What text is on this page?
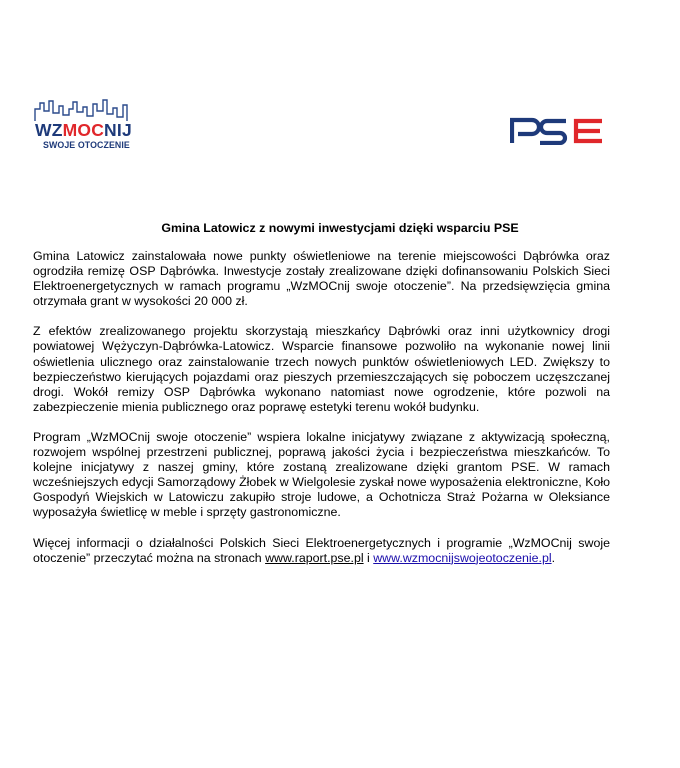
WZMOCNIJ
SWOJE OTOCZENIE
Gmina Latowicz z nowymi inwestycjami dzięki wsparciu PSE

Gmina Latowicz zainstalowała nowe punkty oświetleniowe na terenie miejscowości Dąbrówka oraz ogrodziła remizę OSP Dąbrówka. Inwestycje zostały zrealizowane dzięki dofinansowaniu Polskich Sieci Elektroenergetycznych w ramach programu „WzMOCnij swoje otoczenie”. Na przedsięwzięcia gmina otrzymała grant w wysokości 20 000 zł.

Z efektów zrealizowanego projektu skorzystają mieszkańcy Dąbrówki oraz inni użytkownicy drogi powiatowej Wężyczyn-Dąbrówka-Latowicz. Wsparcie finansowe pozwoliło na wykonanie nowej linii oświetlenia ulicznego oraz zainstalowanie trzech nowych punktów oświetleniowych LED. Zwiększy to bezpieczeństwo kierujących pojazdami oraz pieszych przemieszczających się poboczem uczęszczanej drogi. Wokół remizy OSP Dąbrówka wykonano natomiast nowe ogrodzenie, które pozwoli na zabezpieczenie mienia publicznego oraz poprawę estetyki terenu wokół budynku.

Program „WzMOCnij swoje otoczenie” wspiera lokalne inicjatywy związane z aktywizacją społeczną, rozwojem wspólnej przestrzeni publicznej, poprawą jakości życia i bezpieczeństwa mieszkańców. To kolejne inicjatywy z naszej gminy, które zostaną zrealizowane dzięki grantom PSE. W ramach wcześniejszych edycji Samorządowy Żłobek w Wielgolesie zyskał nowe wyposażenia elektroniczne, Koło Gospodyń Wiejskich w Latowiczu zakupiło stroje ludowe, a Ochotnicza Straż Pożarna w Oleksiance wyposażyła świetlicę w meble i sprzęty gastronomiczne.

Więcej informacji o działalności Polskich Sieci Elektroenergetycznych i programie „WzMOCnij swoje otoczenie” przeczytać można na stronach www.raport.pse.pl i www.wzmocnijswojeotoczenie.pl.
